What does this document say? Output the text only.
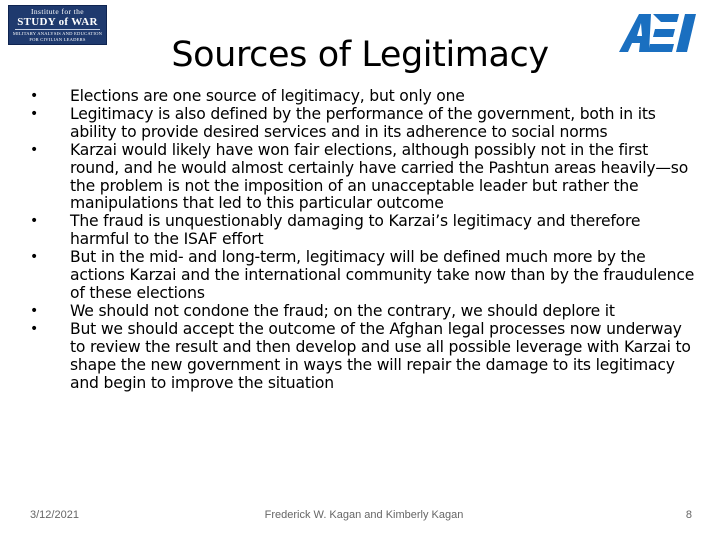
Institute for the
STUDY of WAR
MILITARY ANALYSIS AND EDUCATION
FOR CIVILIAN LEADERS	Sources of Legitimacy
• Elections are one source of legitimacy, but only one
• Legitimacy is also defined by the performance of the government, both in its ability to provide desired services and in its adherence to social norms
• Karzai would likely have won fair elections, although possibly not in the first round, and he would almost certainly have carried the Pashtun areas heavily—so the problem is not the imposition of an unacceptable leader but rather the manipulations that led to this particular outcome
• The fraud is unquestionably damaging to Karzai’s legitimacy and therefore harmful to the ISAF effort
• But in the mid- and long-term, legitimacy will be defined much more by the actions Karzai and the international community take now than by the fraudulence of these elections
• We should not condone the fraud; on the contrary, we should deplore it
• But we should accept the outcome of the Afghan legal processes now underway to review the result and then develop and use all possible leverage with Karzai to shape the new government in ways the will repair the damage to its legitimacy and begin to improve the situation
3/12/2021	Frederick W. Kagan and Kimberly Kagan	8
